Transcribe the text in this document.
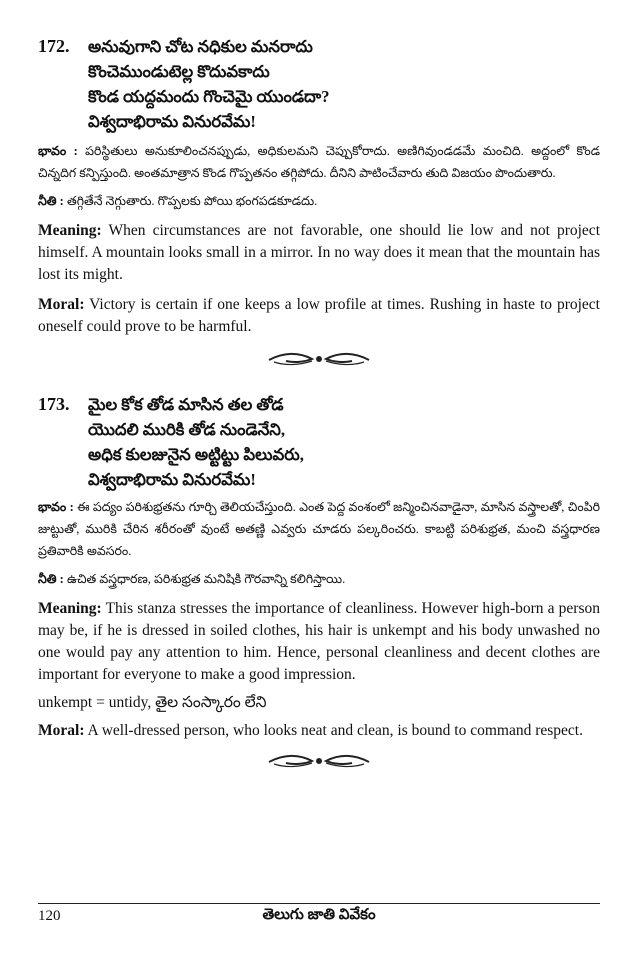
172. అనువుగాని చోట నధికుల మనరాదు
కొంచెముండుటెల్ల కొదువకాదు
కొండ యద్దమందు గొంచెమై యుండదా?
విశ్వదాభిరామ వినురవేమ!

భావం : పరిస్థితులు అనుకూలించనప్పుడు, అధికులమని చెప్పుకోరాదు. అణిగివుండడమే మంచిది. అద్దంలో కొండ చిన్నదిగ కన్పిస్తుంది. అంతమాత్రాన కొండ గొప్పతనం తగ్గిపోదు. దీనిని పాటించేవారు తుది విజయం పొందుతారు.

నీతి : తగ్గితేనే నెగ్గుతారు. గొప్పలకు పోయి భంగపడకూడదు.

Meaning: When circumstances are not favorable, one should lie low and not project himself. A mountain looks small in a mirror. In no way does it mean that the mountain has lost its might.

Moral: Victory is certain if one keeps a low profile at times. Rushing in haste to project oneself could prove to be harmful.

173. మైల కోక తోడ మాసిన తల తోడ
యొదలి మురికి తోడ నుండెనేని,
అధిక కులజునైన అట్టిట్టు పిలువరు,
విశ్వదాభిరామ వినురవేమ!

భావం : ఈ పద్యం పరిశుభ్రతను గూర్చి తెలియచేస్తుంది. ఎంత పెద్ద వంశంలో జన్మించినవాడైనా, మాసిన వస్త్రాలతో, చింపిరి జుట్టుతో, మురికి చేరిన శరీరంతో వుంటే అతణ్ణి ఎవ్వరు చూడరు పల్కరించరు. కాబట్టి పరిశుభ్రత, మంచి వస్త్రధారణ ప్రతివారికి అవసరం.

నీతి : ఉచిత వస్త్రధారణ, పరిశుభ్రత మనిషికి గౌరవాన్ని కలిగిస్తాయి.

Meaning: This stanza stresses the importance of cleanliness. However high-born a person may be, if he is dressed in soiled clothes, his hair is unkempt and his body unwashed no one would pay any attention to him. Hence, personal cleanliness and decent clothes are important for everyone to make a good impression.

unkempt = untidy, తైల సంస్కారం లేని

Moral: A well-dressed person, who looks neat and clean, is bound to command respect.

120	తెలుగు జాతి వివేకం
